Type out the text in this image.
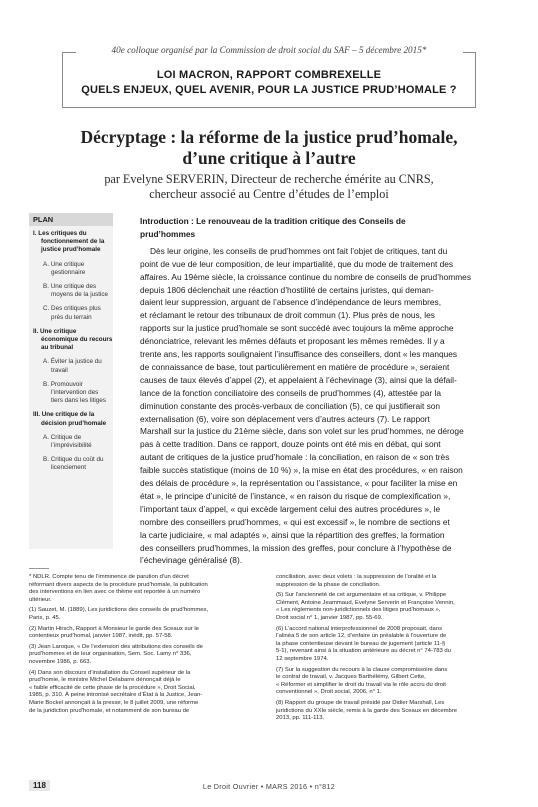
40e colloque organisé par la Commission de droit social du SAF – 5 décembre 2015*
LOI MACRON, RAPPORT COMBREXELLE
QUELS ENJEUX, QUEL AVENIR, POUR LA JUSTICE PRUD’HOMALE ?
Décryptage : la réforme de la justice prud’homale,
d’une critique à l’autre
par Evelyne SERVERIN, Directeur de recherche émérite au CNRS,
chercheur associé au Centre d’études de l’emploi
PLAN
I. Les critiques du
fonctionnement de la
justice prud’homale
A. Une critique
gestionnaire
B. Une critique des
moyens de la justice
C. Des critiques plus
près du terrain
II. Une critique
économique du recours
au tribunal
A. Éviter la justice du
travail
B. Promouvoir
l’intervention des
tiers dans les litiges
III. Une critique de la
décision prud’homale
A. Critique de
l’imprévisibilité
B. Critique du coût du
licenciement
Introduction : Le renouveau de la tradition critique des Conseils de
prud’hommes
Dès leur origine, les conseils de prud’hommes ont fait l’objet de critiques, tant du
point de vue de leur composition, de leur impartialité, que du mode de traitement des
affaires. Au 19ème siècle, la croissance continue du nombre de conseils de prud’hommes
depuis 1806 déclenchait une réaction d’hostilité de certains juristes, qui deman-
daient leur suppression, arguant de l’absence d’indépendance de leurs membres,
et réclamant le retour des tribunaux de droit commun (1). Plus près de nous, les
rapports sur la justice prud’homale se sont succédé avec toujours la même approche
dénonciatrice, relevant les mêmes défauts et proposant les mêmes remèdes. Il y a
trente ans, les rapports soulignaient l’insuffisance des conseillers, dont « les manques
de connaissance de base, tout particulièrement en matière de procédure », seraient
causes de taux élevés d’appel (2), et appelaient à l’échevinage (3), ainsi que la défail-
lance de la fonction conciliatoire des conseils de prud’hommes (4), attestée par la
diminution constante des procès-verbaux de conciliation (5), ce qui justifierait son
externalisation (6), voire son déplacement vers d’autres acteurs (7). Le rapport
Marshall sur la justice du 21ème siècle, dans son volet sur les prud’hommes, ne déroge
pas à cette tradition. Dans ce rapport, douze points ont été mis en débat, qui sont
autant de critiques de la justice prud’homale : la conciliation, en raison de « son très
faible succès statistique (moins de 10 %) », la mise en état des procédures, « en raison
des délais de procédure », la représentation ou l’assistance, « pour faciliter la mise en
état », le principe d’unicité de l’instance, « en raison du risque de complexification »,
l’important taux d’appel, « qui excède largement celui des autres procédures », le
nombre des conseillers prud’hommes, « qui est excessif », le nombre de sections et
la carte judiciaire, « mal adaptés », ainsi que la répartition des greffes, la formation
des conseillers prud’hommes, la mission des greffes, pour conclure à l’hypothèse de
l’échevinage généralisé (8).
* NDLR. Compte tenu de l’imminence de parution d’un décret
réformant divers aspects de la procédure prud’homale, la publication
des interventions en lien avec ce thème est reportée à un numéro
ultérieur.
(1) Sauzet, M. (1889), Les juridictions des conseils de prud’hommes,
Paris, p. 45.
(2) Martin Hirsch, Rapport à Monsieur le garde des Sceaux sur le
contentieux prud’homal, janvier 1987, inédit, pp. 57-58.
(3) Jean Laroque, « De l’extension des attributions des conseils de
prud’hommes et de leur organisation, Sem. Soc. Lamy n° 336,
novembre 1986, p. 663.
(4) Dans son discours d’installation du Conseil supérieur de la
prud’homie, le ministre Michel Delabarre dénonçait déjà le
« faible efficacité de cette phase de la procédure », Droit Social,
1985, p. 310. À peine intronisé secrétaire d’État à la Justice, Jean-
Marie Bockel annonçait à la presse, le 8 juillet 2009, une réforme
de la juridiction prud’homale, et notamment de son bureau de
conciliation, avec deux volets : la suppression de l’oralité et la
suppression de la phase de conciliation.
(5) Sur l’ancienneté de cet argumentaire et sa critique, v. Philippe
Clément, Antoine Jeammaud, Evelyne Serverin et Françoise Vennin,
« Les règlements non-juridictionnels des litiges prud’homaux »,
Droit social n° 1, janvier 1987, pp. 55-69.
(6) L’accord national interprofessionnel de 2008 proposait, dans
l’alinéa 5 de son article 12, d’enfaire un préalable à l’ouverture de
la phase contentieuse devant le bureau de jugement (article 11-§
5-1), revenant ainsi à la situation antérieure au décret n° 74-783 du
12 septembre 1974.
(7) Sur la suggestion du recours à la clause compromissoire dans
le contrat de travail, v. Jacques Barthélémy, Gilbert Cette,
« Réformer et simplifier le droit du travail via le rôle accru du droit
conventionnel », Droit social, 2006, n° 1.
(8) Rapport du groupe de travail présidé par Didier Marshall, Les
juridictions du XXIe siècle, remis à la garde des Sceaux en décembre
2013, pp. 111-113.
118	Le Droit Ouvrier • MARS 2016 • n°812
